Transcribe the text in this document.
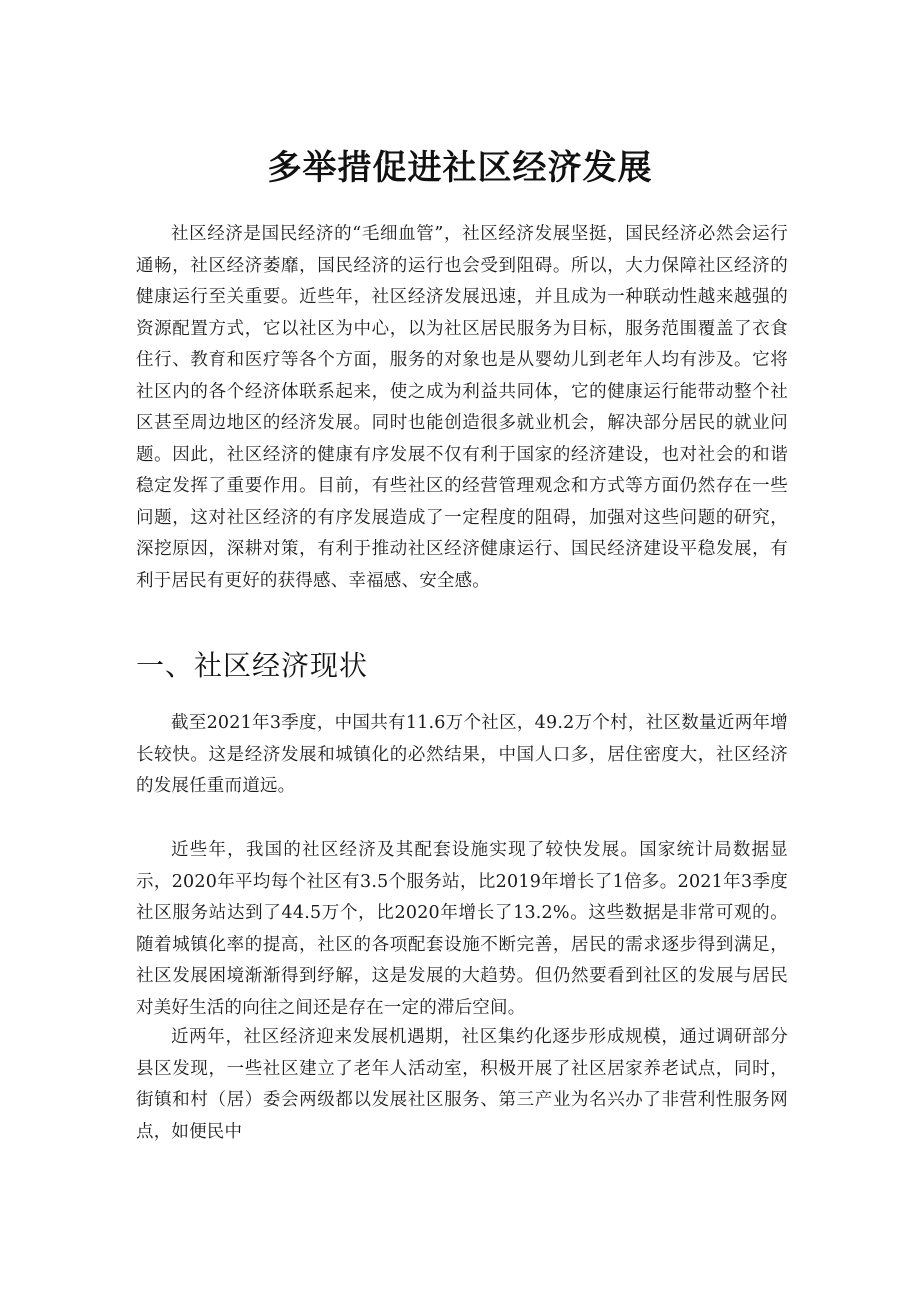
多举措促进社区经济发展

社区经济是国民经济的“毛细血管”，社区经济发展坚挺，国民经济必然会运行通畅，社区经济萎靡，国民经济的运行也会受到阻碍。所以，大力保障社区经济的健康运行至关重要。近些年，社区经济发展迅速，并且成为一种联动性越来越强的资源配置方式，它以社区为中心，以为社区居民服务为目标，服务范围覆盖了衣食住行、教育和医疗等各个方面，服务的对象也是从婴幼儿到老年人均有涉及。它将社区内的各个经济体联系起来，使之成为利益共同体，它的健康运行能带动整个社区甚至周边地区的经济发展。同时也能创造很多就业机会，解决部分居民的就业问题。因此，社区经济的健康有序发展不仅有利于国家的经济建设，也对社会的和谐稳定发挥了重要作用。目前，有些社区的经营管理观念和方式等方面仍然存在一些问题，这对社区经济的有序发展造成了一定程度的阻碍，加强对这些问题的研究，深挖原因，深耕对策，有利于推动社区经济健康运行、国民经济建设平稳发展，有利于居民有更好的获得感、幸福感、安全感。

一、社区经济现状

截至2021年3季度，中国共有11.6万个社区，49.2万个村，社区数量近两年增长较快。这是经济发展和城镇化的必然结果，中国人口多，居住密度大，社区经济的发展任重而道远。

近些年，我国的社区经济及其配套设施实现了较快发展。国家统计局数据显示，2020年平均每个社区有3.5个服务站，比2019年增长了1倍多。2021年3季度社区服务站达到了44.5万个，比2020年增长了13.2%。这些数据是非常可观的。随着城镇化率的提高，社区的各项配套设施不断完善，居民的需求逐步得到满足，社区发展困境渐渐得到纾解，这是发展的大趋势。但仍然要看到社区的发展与居民对美好生活的向往之间还是存在一定的滞后空间。

近两年，社区经济迎来发展机遇期，社区集约化逐步形成规模，通过调研部分县区发现，一些社区建立了老年人活动室，积极开展了社区居家养老试点，同时，街镇和村（居）委会两级都以发展社区服务、第三产业为名兴办了非营利性服务网点，如便民中
